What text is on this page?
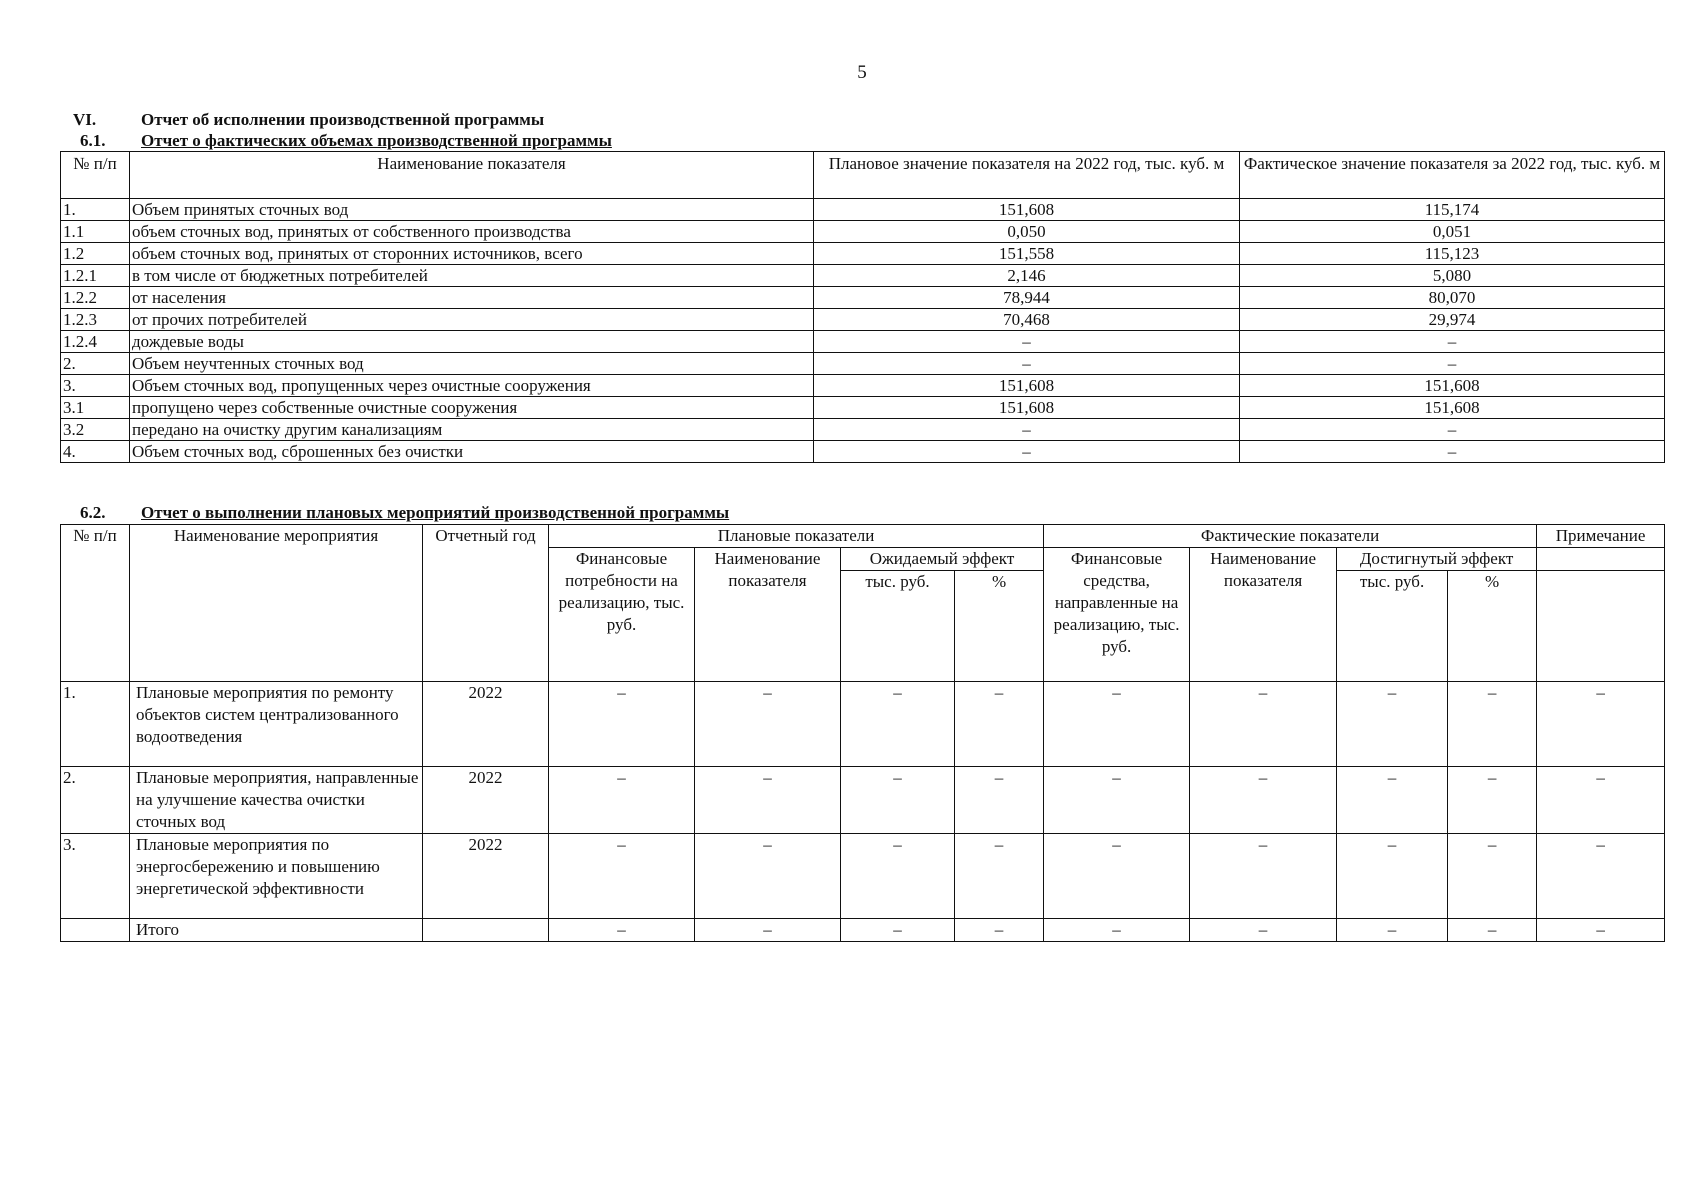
5
VI.	Отчет об исполнении производственной программы
6.1. Отчет о фактических объемах производственной программы
№ п/п	Наименование показателя	Плановое значение показателя на 2022 год, тыс. куб. м	Фактическое значение показателя за 2022 год, тыс. куб. м
1.	Объем принятых сточных вод	151,608	115,174
1.1	объем сточных вод, принятых от собственного производства	0,050	0,051
1.2	объем сточных вод, принятых от сторонних источников, всего	151,558	115,123
1.2.1	в том числе от бюджетных потребителей	2,146	5,080
1.2.2	от населения	78,944	80,070
1.2.3	от прочих потребителей	70,468	29,974
1.2.4	дождевые воды	–	–
2.	Объем неучтенных сточных вод	–	–
3.	Объем сточных вод, пропущенных через очистные сооружения	151,608	151,608
3.1	пропущено через собственные очистные сооружения	151,608	151,608
3.2	передано на очистку другим канализациям	–	–
4.	Объем сточных вод, сброшенных без очистки	–	–
6.2. Отчет о выполнении плановых мероприятий производственной программы
№ п/п	Наименование мероприятия	Отчетный год	Плановые показатели				Фактические показатели				Примечание
			Финансовые потребности на реализацию, тыс. руб.	Наименование показателя	Ожидаемый эффект		Финансовые средства, направленные на реализацию, тыс. руб.	Наименование показателя	Достигнутый эффект		
					тыс. руб.	%			тыс. руб.	%	
1.	Плановые мероприятия по ремонту объектов систем централизованного водоотведения	2022	–	–	–	–	–	–	–	–	–
2.	Плановые мероприятия, направленные на улучшение качества очистки сточных вод	2022	–	–	–	–	–	–	–	–	–
3.	Плановые мероприятия по энергосбережению и повышению энергетической эффективности	2022	–	–	–	–	–	–	–	–	–
	Итого		–	–	–	–	–	–	–	–	–
